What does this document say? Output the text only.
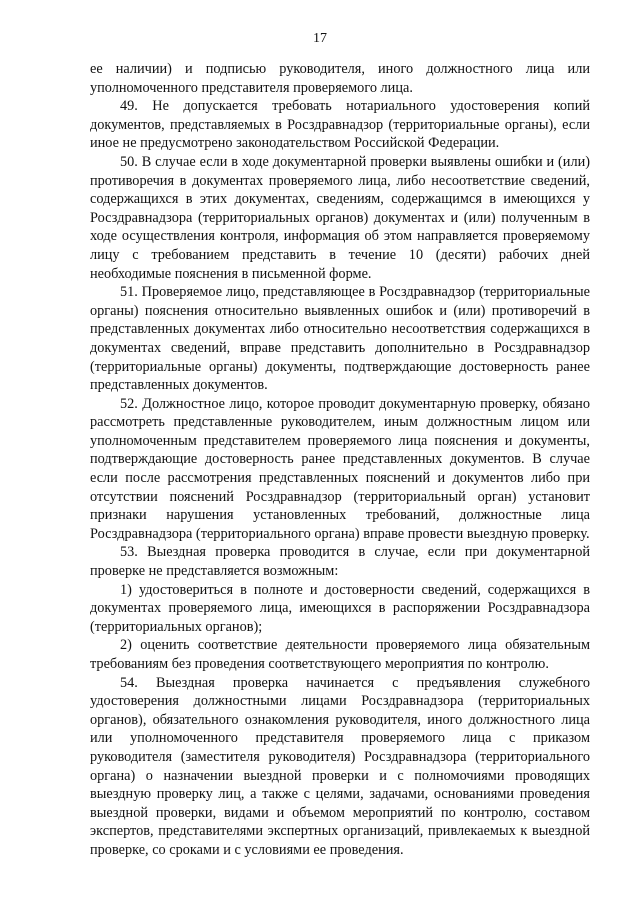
17

ее наличии) и подписью руководителя, иного должностного лица или уполномоченного представителя проверяемого лица.

49. Не допускается требовать нотариального удостоверения копий документов, представляемых в Росздравнадзор (территориальные органы), если иное не предусмотрено законодательством Российской Федерации.

50. В случае если в ходе документарной проверки выявлены ошибки и (или) противоречия в документах проверяемого лица, либо несоответствие сведений, содержащихся в этих документах, сведениям, содержащимся в имеющихся у Росздравнадзора (территориальных органов) документах и (или) полученным в ходе осуществления контроля, информация об этом направляется проверяемому лицу с требованием представить в течение 10 (десяти) рабочих дней необходимые пояснения в письменной форме.

51. Проверяемое лицо, представляющее в Росздравнадзор (территориальные органы) пояснения относительно выявленных ошибок и (или) противоречий в представленных документах либо относительно несоответствия содержащихся в документах сведений, вправе представить дополнительно в Росздравнадзор (территориальные органы) документы, подтверждающие достоверность ранее представленных документов.

52. Должностное лицо, которое проводит документарную проверку, обязано рассмотреть представленные руководителем, иным должностным лицом или уполномоченным представителем проверяемого лица пояснения и документы, подтверждающие достоверность ранее представленных документов. В случае если после рассмотрения представленных пояснений и документов либо при отсутствии пояснений Росздравнадзор (территориальный орган) установит признаки нарушения установленных требований, должностные лица Росздравнадзора (территориального органа) вправе провести выездную проверку.

53. Выездная проверка проводится в случае, если при документарной проверке не представляется возможным:

1) удостовериться в полноте и достоверности сведений, содержащихся в документах проверяемого лица, имеющихся в распоряжении Росздравнадзора (территориальных органов);

2) оценить соответствие деятельности проверяемого лица обязательным требованиям без проведения соответствующего мероприятия по контролю.

54. Выездная проверка начинается с предъявления служебного удостоверения должностными лицами Росздравнадзора (территориальных органов), обязательного ознакомления руководителя, иного должностного лица или уполномоченного представителя проверяемого лица с приказом руководителя (заместителя руководителя) Росздравнадзора (территориального органа) о назначении выездной проверки и с полномочиями проводящих выездную проверку лиц, а также с целями, задачами, основаниями проведения выездной проверки, видами и объемом мероприятий по контролю, составом экспертов, представителями экспертных организаций, привлекаемых к выездной проверке, со сроками и с условиями ее проведения.
